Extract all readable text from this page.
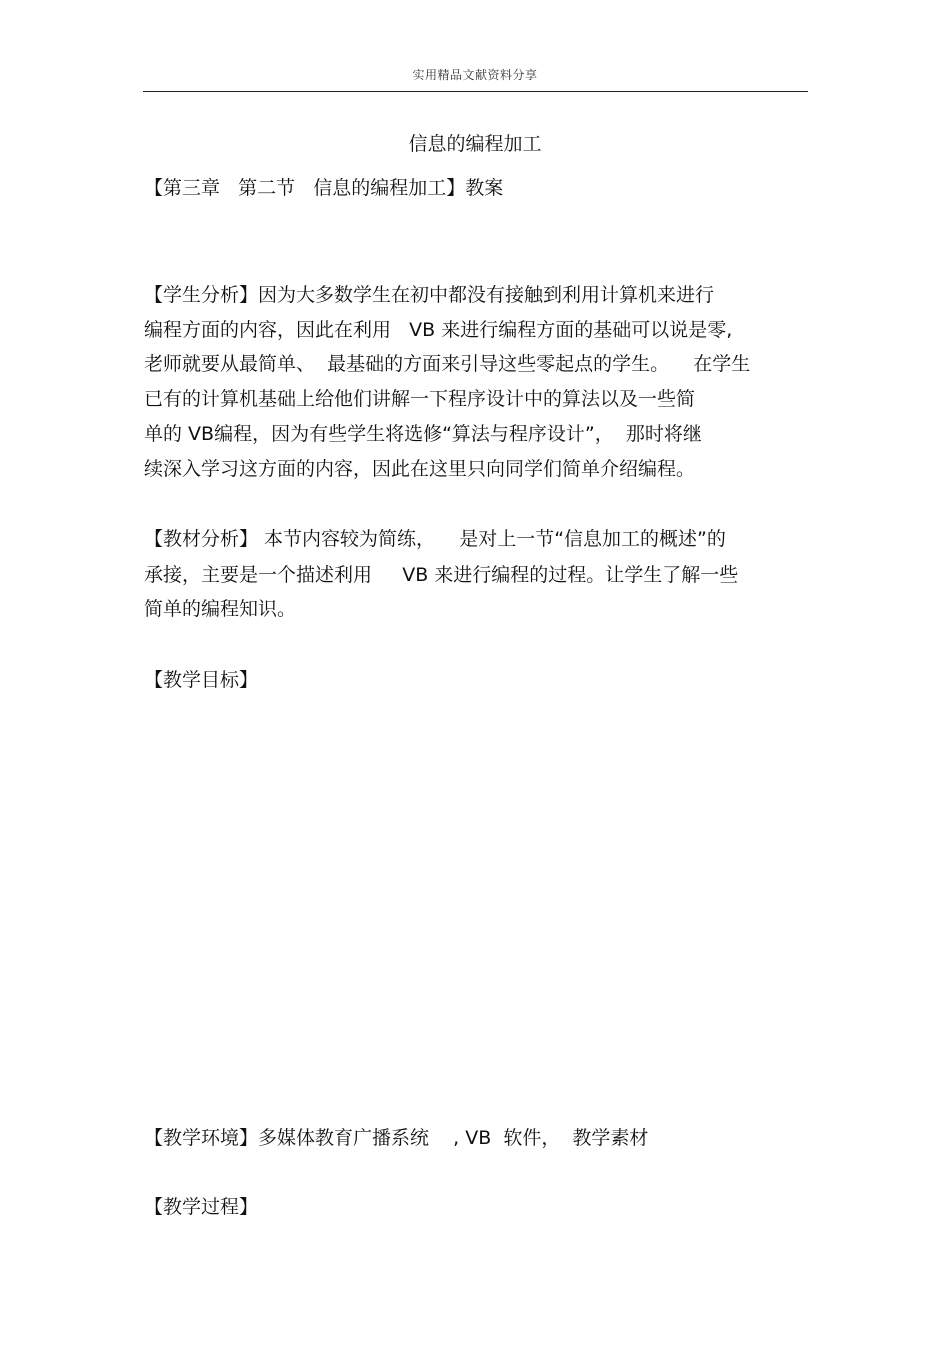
实用精品文献资料分享
信息的编程加工
【第三章   第二节   信息的编程加工】教案
【学生分析】因为大多数学生在初中都没有接触到利用计算机来进行
编程方面的内容，因此在利用   VB 来进行编程方面的基础可以说是零,
老师就要从最简单、  最基础的方面来引导这些零起点的学生。    在学生
已有的计算机基础上给他们讲解一下程序设计中的算法以及一些简
单的 VB编程，因为有些学生将选修“算法与程序设计”，  那时将继
续深入学习这方面的内容，因此在这里只向同学们简单介绍编程。
【教材分析】 本节内容较为简练，    是对上一节“信息加工的概述”的
承接，主要是一个描述利用     VB 来进行编程的过程。让学生了解一些
简单的编程知识。
【教学目标】
【教学环境】多媒体教育广播系统    , VB  软件，  教学素材
【教学过程】
